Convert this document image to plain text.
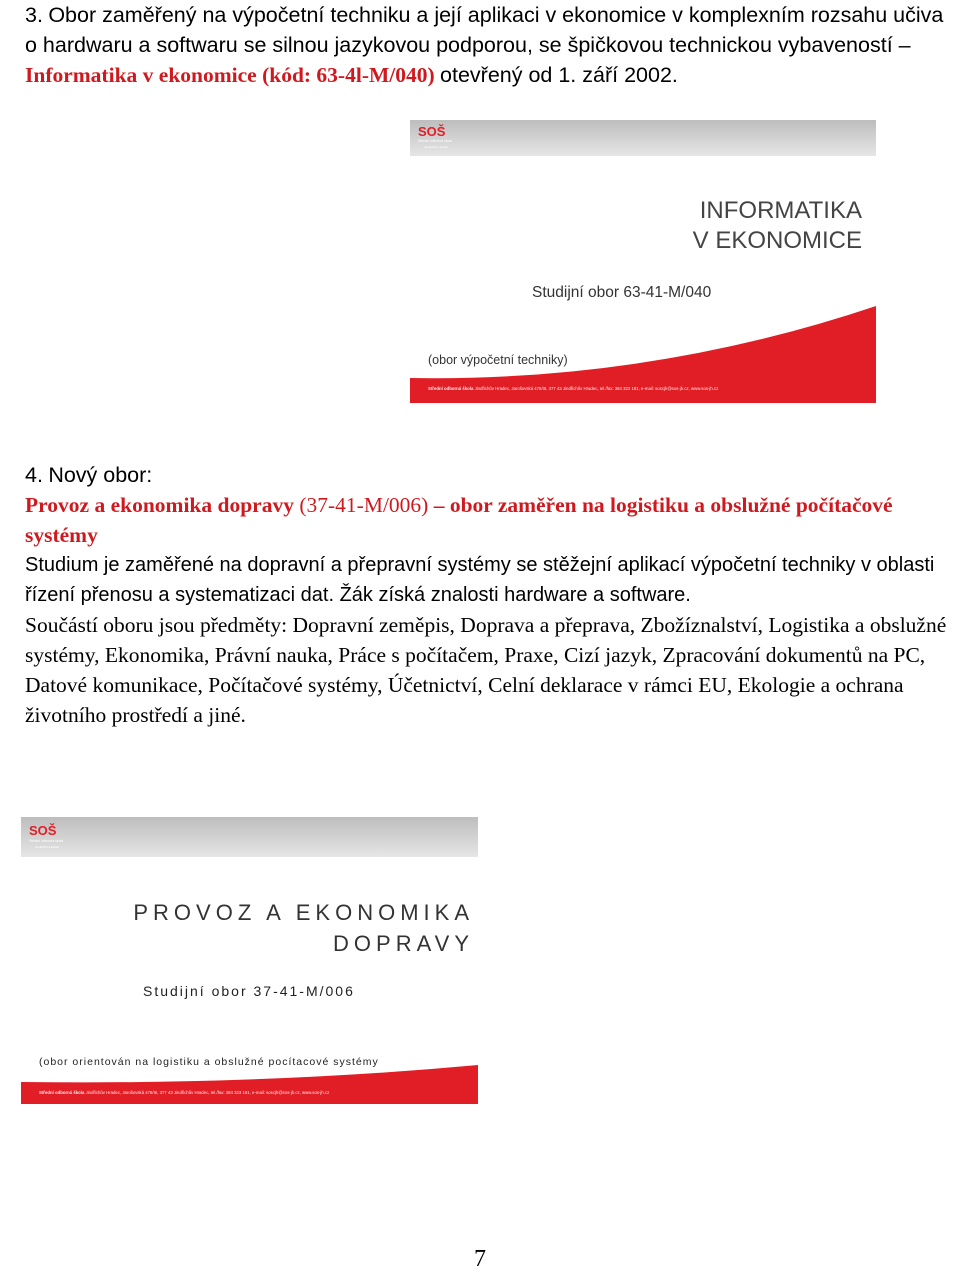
3. Obor zaměřený na výpočetní techniku a její aplikaci v ekonomice v komplexním rozsahu učiva o hardwaru a softwaru se silnou jazykovou podporou, se špičkovou technickou vybaveností – Informatika v ekonomice (kód: 63-4l-M/040) otevřený od 1. září 2002.

SOŠ
Střední odborná škola
Jindřichův Hradec
INFORMATIKA
V EKONOMICE
Studijní obor 63-41-M/040
(obor výpočetní techniky)
Střední odborná škola Jindřichův Hradec, Jarošovská 478/III, 377 43 Jindřichův Hradec, tel./fax: 384 323 181, e-mail: soscjh@sos-jh.cz, www.sos-jh.cz
4. Nový obor:
Provoz a ekonomika dopravy (37-41-M/006) – obor zaměřen na logistiku a obslužné počítačové systémy
Studium je zaměřené na dopravní a přepravní systémy se stěžejní aplikací výpočetní techniky v oblasti řízení přenosu a systematizaci dat. Žák získá znalosti hardware a software.
Součástí oboru jsou předměty: Dopravní zeměpis, Doprava a přeprava, Zbožíznalství, Logistika a obslužné systémy, Ekonomika, Právní nauka, Práce s počítačem, Praxe, Cizí jazyk, Zpracování dokumentů na PC, Datové komunikace, Počítačové systémy, Účetnictví, Celní deklarace v rámci EU, Ekologie a ochrana životního prostředí a jiné.
SOŠ
Střední odborná škola
Jindřichův Hradec
PROVOZ A EKONOMIKA
DOPRAVY
Studijní obor 37-41-M/006
(obor orientován na logistiku a obslužné pocítacové systémy
Střední odborná škola Jindřichův Hradec, Jarošovská 478/III, 377 43 Jindřichův Hradec, tel./fax: 384 323 181, e-mail: soscjh@sos-jh.cz, www.sos-jh.cz
7
